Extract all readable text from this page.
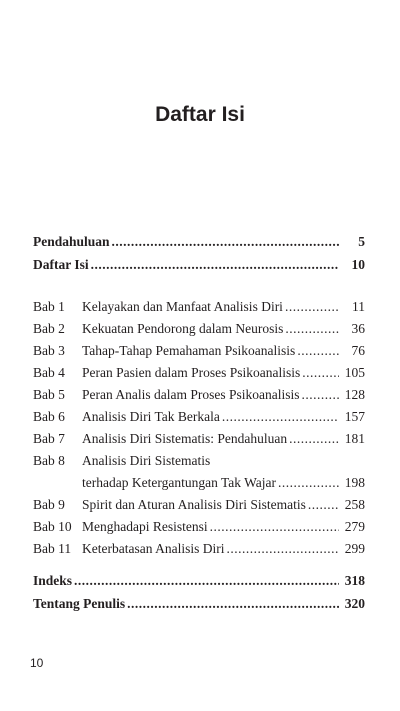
Daftar Isi
Pendahuluan .....	5
Daftar Isi .....	10
Bab 1	Kelayakan dan Manfaat Analisis Diri .....	11
Bab 2	Kekuatan Pendorong dalam Neurosis .....	36
Bab 3	Tahap-Tahap Pemahaman Psikoanalisis .....	76
Bab 4	Peran Pasien dalam Proses Psikoanalisis .....	105
Bab 5	Peran Analis dalam Proses Psikoanalisis .....	128
Bab 6	Analisis Diri Tak Berkala .....	157
Bab 7	Analisis Diri Sistematis: Pendahuluan .....	181
Bab 8	Analisis Diri Sistematis
terhadap Ketergantungan Tak Wajar .....	198
Bab 9	Spirit dan Aturan Analisis Diri Sistematis .....	258
Bab 10 Menghadapi Resistensi .....	279
Bab 11 Keterbatasan Analisis Diri .....	299
Indeks .....	318
Tentang Penulis .....	320
10
